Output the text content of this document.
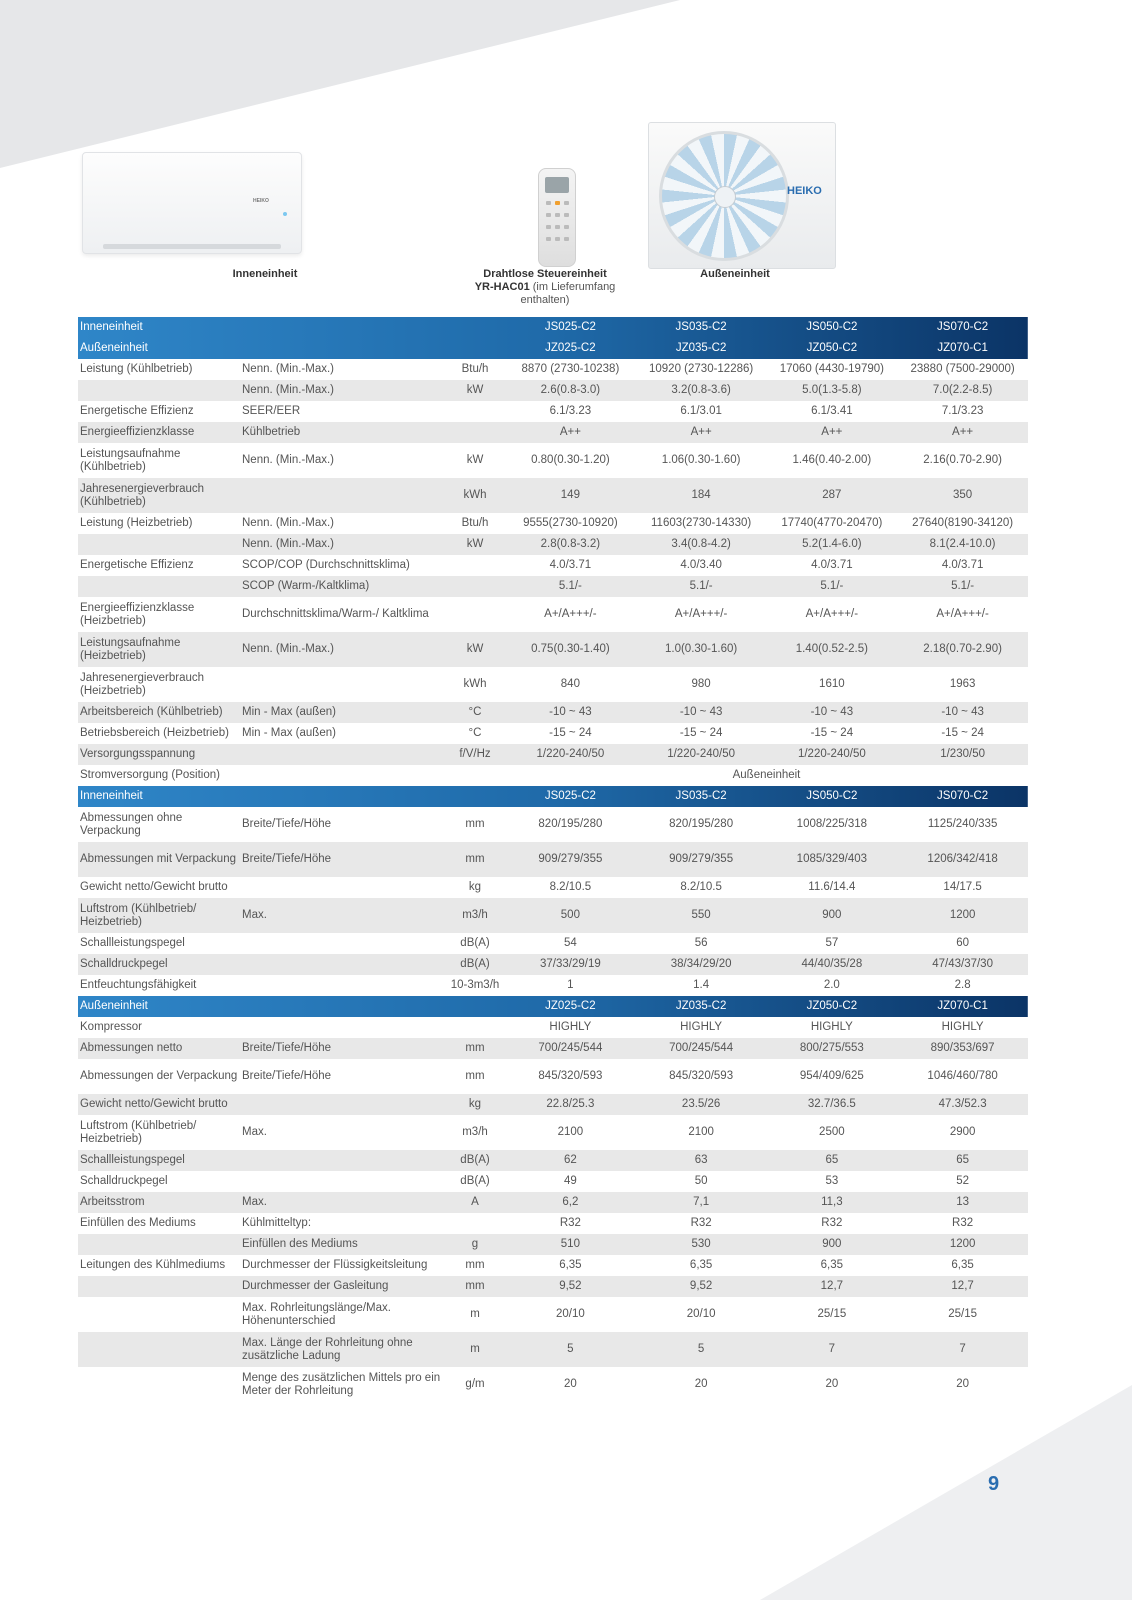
HEIKO
HEIKO
Inneneinheit	Drahtlose Steuereinheit
YR-HAC01 (im Lieferumfang enthalten)
Außeneinheit
Inneneinheit			JS025-C2	JS035-C2	JS050-C2	JS070-C2
Außeneinheit			JZ025-C2	JZ035-C2	JZ050-C2	JZ070-C1
Leistung (Kühlbetrieb)	Nenn. (Min.-Max.)	Btu/h	8870 (2730-10238)	10920 (2730-12286)	17060 (4430-19790)	23880 (7500-29000)
	Nenn. (Min.-Max.)	kW	2.6(0.8-3.0)	3.2(0.8-3.6)	5.0(1.3-5.8)	7.0(2.2-8.5)
Energetische Effizienz	SEER/EER		6.1/3.23	6.1/3.01	6.1/3.41	7.1/3.23
Energieeffizienzklasse	Kühlbetrieb		A++	A++	A++	A++
Leistungsaufnahme (Kühlbetrieb)	Nenn. (Min.-Max.)	kW	0.80(0.30-1.20)	1.06(0.30-1.60)	1.46(0.40-2.00)	2.16(0.70-2.90)
Jahresenergieverbrauch (Kühlbetrieb)		kWh	149	184	287	350
Leistung (Heizbetrieb)	Nenn. (Min.-Max.)	Btu/h	9555(2730-10920)	11603(2730-14330)	17740(4770-20470)	27640(8190-34120)
	Nenn. (Min.-Max.)	kW	2.8(0.8-3.2)	3.4(0.8-4.2)	5.2(1.4-6.0)	8.1(2.4-10.0)
Energetische Effizienz	SCOP/COP (Durchschnittsklima)		4.0/3.71	4.0/3.40	4.0/3.71	4.0/3.71
	SCOP (Warm-/Kaltklima)		5.1/-	5.1/-	5.1/-	5.1/-
Energieeffizienzklasse (Heizbetrieb)	Durchschnittsklima/Warm-/ Kaltklima		A+/A+++/-	A+/A+++/-	A+/A+++/-	A+/A+++/-
Leistungsaufnahme (Heizbetrieb)	Nenn. (Min.-Max.)	kW	0.75(0.30-1.40)	1.0(0.30-1.60)	1.40(0.52-2.5)	2.18(0.70-2.90)
Jahresenergieverbrauch (Heizbetrieb)		kWh	840	980	1610	1963
Arbeitsbereich (Kühlbetrieb)	Min - Max (außen)	°C	-10 ~ 43	-10 ~ 43	-10 ~ 43	-10 ~ 43
Betriebsbereich (Heizbetrieb)	Min - Max (außen)	°C	-15 ~ 24	-15 ~ 24	-15 ~ 24	-15 ~ 24
Versorgungsspannung		f/V/Hz	1/220-240/50	1/220-240/50	1/220-240/50	1/230/50
Stromversorgung (Position)			Außeneinheit			
Inneneinheit			JS025-C2	JS035-C2	JS050-C2	JS070-C2
Abmessungen ohne Verpackung	Breite/Tiefe/Höhe	mm	820/195/280	820/195/280	1008/225/318	1125/240/335
Abmessungen mit Verpackung	Breite/Tiefe/Höhe	mm	909/279/355	909/279/355	1085/329/403	1206/342/418
Gewicht netto/Gewicht brutto		kg	8.2/10.5	8.2/10.5	11.6/14.4	14/17.5
Luftstrom (Kühlbetrieb/ Heizbetrieb)	Max.	m3/h	500	550	900	1200
Schallleistungspegel		dB(A)	54	56	57	60
Schalldruckpegel		dB(A)	37/33/29/19	38/34/29/20	44/40/35/28	47/43/37/30
Entfeuchtungsfähigkeit		10-3m3/h	1	1.4	2.0	2.8
Außeneinheit			JZ025-C2	JZ035-C2	JZ050-C2	JZ070-C1
Kompressor			HIGHLY	HIGHLY	HIGHLY	HIGHLY
Abmessungen netto	Breite/Tiefe/Höhe	mm	700/245/544	700/245/544	800/275/553	890/353/697
Abmessungen der Verpackung	Breite/Tiefe/Höhe	mm	845/320/593	845/320/593	954/409/625	1046/460/780
Gewicht netto/Gewicht brutto		kg	22.8/25.3	23.5/26	32.7/36.5	47.3/52.3
Luftstrom (Kühlbetrieb/ Heizbetrieb)	Max.	m3/h	2100	2100	2500	2900
Schallleistungspegel		dB(A)	62	63	65	65
Schalldruckpegel		dB(A)	49	50	53	52
Arbeitsstrom	Max.	A	6,2	7,1	11,3	13
Einfüllen des Mediums	Kühlmitteltyp:		R32	R32	R32	R32
	Einfüllen des Mediums	g	510	530	900	1200
Leitungen des Kühlmediums	Durchmesser der Flüssigkeitsleitung	mm	6,35	6,35	6,35	6,35
	Durchmesser der Gasleitung	mm	9,52	9,52	12,7	12,7
	Max. Rohrleitungslänge/Max. Höhenunterschied	m	20/10	20/10	25/15	25/15
	Max. Länge der Rohrleitung ohne zusätzliche Ladung	m	5	5	7	7
	Menge des zusätzlichen Mittels pro ein Meter der Rohrleitung	g/m	20	20	20	20
9
